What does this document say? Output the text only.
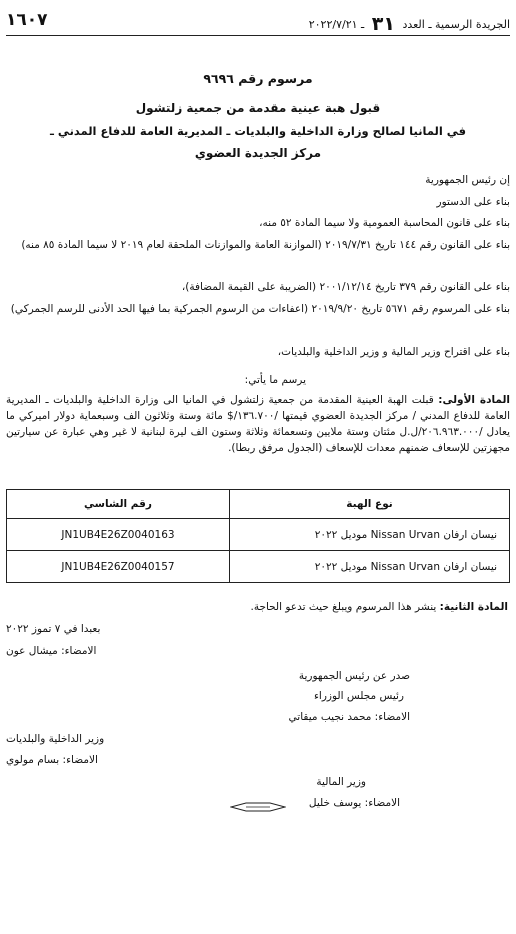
الجريدة الرسمية ـ العدد ٣١ ـ ٢٠٢٢/٧/٢١
١٦٠٧
مرسوم رقم ٩٦٩٦
قبول هبة عينية مقدمة من جمعية زلتشول
في المانيا لصالح وزارة الداخلية والبلديات ـ المديرية العامة للدفاع المدني ـ
مركز الجديدة العضوي
إن رئيس الجمهورية
بناء على الدستور
بناء على قانون المحاسبة العمومية ولا سيما المادة ٥٢ منه،
بناء على القانون رقم ١٤٤ تاريخ ٢٠١٩/٧/٣١ (الموازنة العامة والموازنات الملحقة لعام ٢٠١٩ لا سيما المادة ٨٥ منه)
بناء على القانون رقم ٣٧٩ تاريخ ٢٠٠١/١٢/١٤ (الضريبة على القيمة المضافة)،
بناء على المرسوم رقم ٥٦٧١ تاريخ ٢٠١٩/٩/٢٠ (اعفاءات من الرسوم الجمركية بما فيها الحد الأدنى للرسم الجمركي)
بناء على اقتراح وزير المالية و وزير الداخلية والبلديات،
يرسم ما يأتي:
المادة الأولى: قبلت الهبة العينية المقدمة من جمعية زلتشول في المانيا الى وزارة الداخلية والبلديات ـ المديرية العامة للدفاع المدني / مركز الجديدة العضوي قيمتها /١٣٦.٧٠٠/$ مائة وستة وثلاثون الف وسبعماية دولار اميركي ما يعادل /٢٠٦.٩٦٣.٠٠٠/ل.ل مئتان وستة ملايين وتسعمائة وثلاثة وستون الف ليرة لبنانية لا غير وهي عبارة عن سيارتين مجهزتين للإسعاف ضمنهم معدات للإسعاف (الجدول مرفق ربطا).
نوع الهبة	رقم الشاسي
نيسان ارفان Nissan Urvan موديل ٢٠٢٢	JN1UB4E26Z0040163
نيسان ارفان Nissan Urvan موديل ٢٠٢٢	JN1UB4E26Z0040157
المادة الثانية: ينشر هذا المرسوم ويبلغ حيث تدعو الحاجة.
بعبدا في ٧ تموز ٢٠٢٢
الامضاء: ميشال عون
صدر عن رئيس الجمهورية
رئيس مجلس الوزراء
الامضاء: محمد نجيب ميقاتي
وزير الداخلية والبلديات
الامضاء: بسام مولوي
وزير المالية
الامضاء: يوسف خليل
